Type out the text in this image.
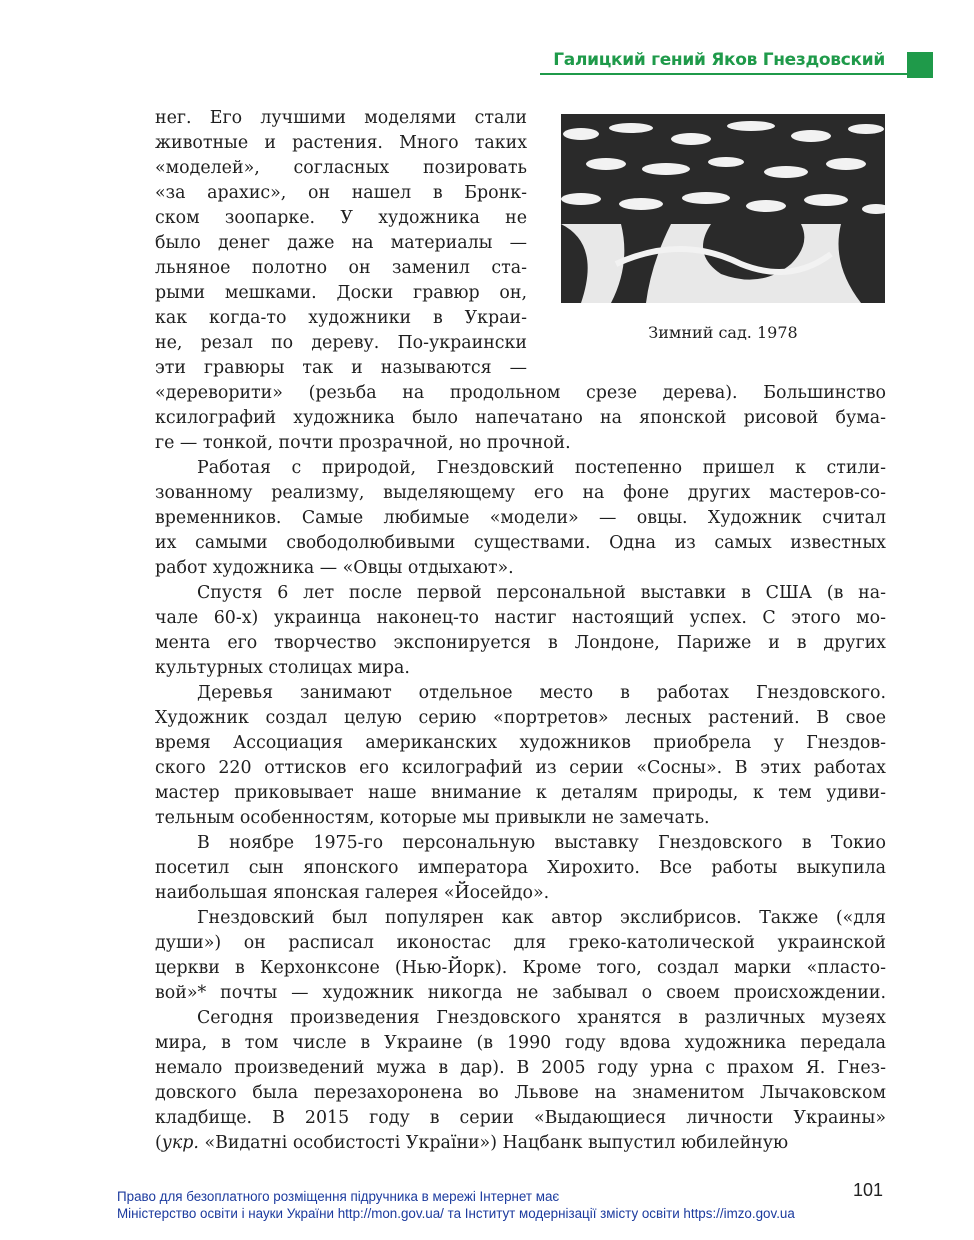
Галицкий гений Яков Гнездовский
Зимний сад. 1978
нег. Его лучшими моделями стали
животные и растения. Много таких
«моделей», согласных позировать
«за арахис», он нашел в Бронк-
ском зоопарке. У художника не
было денег даже на материалы —
льняное полотно он заменил ста-
рыми мешками. Доски гравюр он,
как когда-то художники в Украи-
не, резал по дереву. По-украински
эти гравюры так и называются —
«дереворити» (резьба на продольном срезе дерева). Большинство
ксилографий художника было напечатано на японской рисовой бума-
ге — тонкой, почти прозрачной, но прочной.
Работая с природой, Гнездовский постепенно пришел к стили-
зованному реализму, выделяющему его на фоне других мастеров-со-
временников. Самые любимые «модели» — овцы. Художник считал
их самыми свободолюбивыми существами. Одна из самых известных
работ художника — «Овцы отдыхают».
Спустя 6 лет после первой персональной выставки в США (в на-
чале 60-х) украинца наконец-то настиг настоящий успех. С этого мо-
мента его творчество экспонируется в Лондоне, Париже и в других
культурных столицах мира.
Деревья занимают отдельное место в работах Гнездовского.
Художник создал целую серию «портретов» лесных растений. В свое
время Ассоциация американских художников приобрела у Гнездов-
ского 220 оттисков его ксилографий из серии «Сосны». В этих работах
мастер приковывает наше внимание к деталям природы, к тем удиви-
тельным особенностям, которые мы привыкли не замечать.
В ноябре 1975-го персональную выставку Гнездовского в Токио
посетил сын японского императора Хирохито. Все работы выкупила
наибольшая японская галерея «Йосейдо».
Гнездовский был популярен как автор экслибрисов. Также («для
души») он расписал иконостас для греко-католической украинской
церкви в Керхонксоне (Нью-Йорк). Кроме того, создал марки «пласто-
вой»* почты — художник никогда не забывал о своем происхождении.
Сегодня произведения Гнездовского хранятся в различных музеях
мира, в том числе в Украине (в 1990 году вдова художника передала
немало произведений мужа в дар). В 2005 году урна с прахом Я. Гнез-
довского была перезахоронена во Львове на знаменитом Лычаковском
кладбище. В 2015 году в серии «Выдающиеся личности Украины»
(укр. «Видатні особистості України») Нацбанк выпустил юбилейную
101
Право для безоплатного розміщення підручника в мережі Інтернет має
Міністерство освіти і науки України http://mon.gov.ua/ та Інститут модернізації змісту освіти https://imzo.gov.ua
